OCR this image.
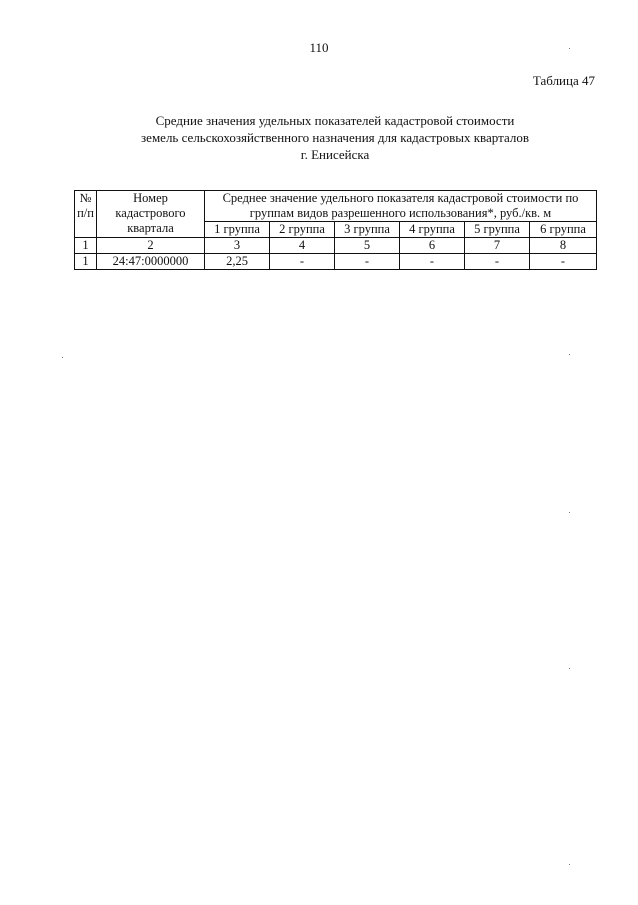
110
Таблица 47
Средние значения удельных показателей кадастровой стоимости
земель сельскохозяйственного назначения для кадастровых кварталов
г. Енисейска
№ п/п	Номер кадастрового квартала	Среднее значение удельного показателя кадастровой стоимости по группам видов разрешенного использования*, руб./кв. м					
		1 группа	2 группа	3 группа	4 группа	5 группа	6 группа
1	2	3	4	5	6	7	8
1	24:47:0000000	2,25	-	-	-	-	-
